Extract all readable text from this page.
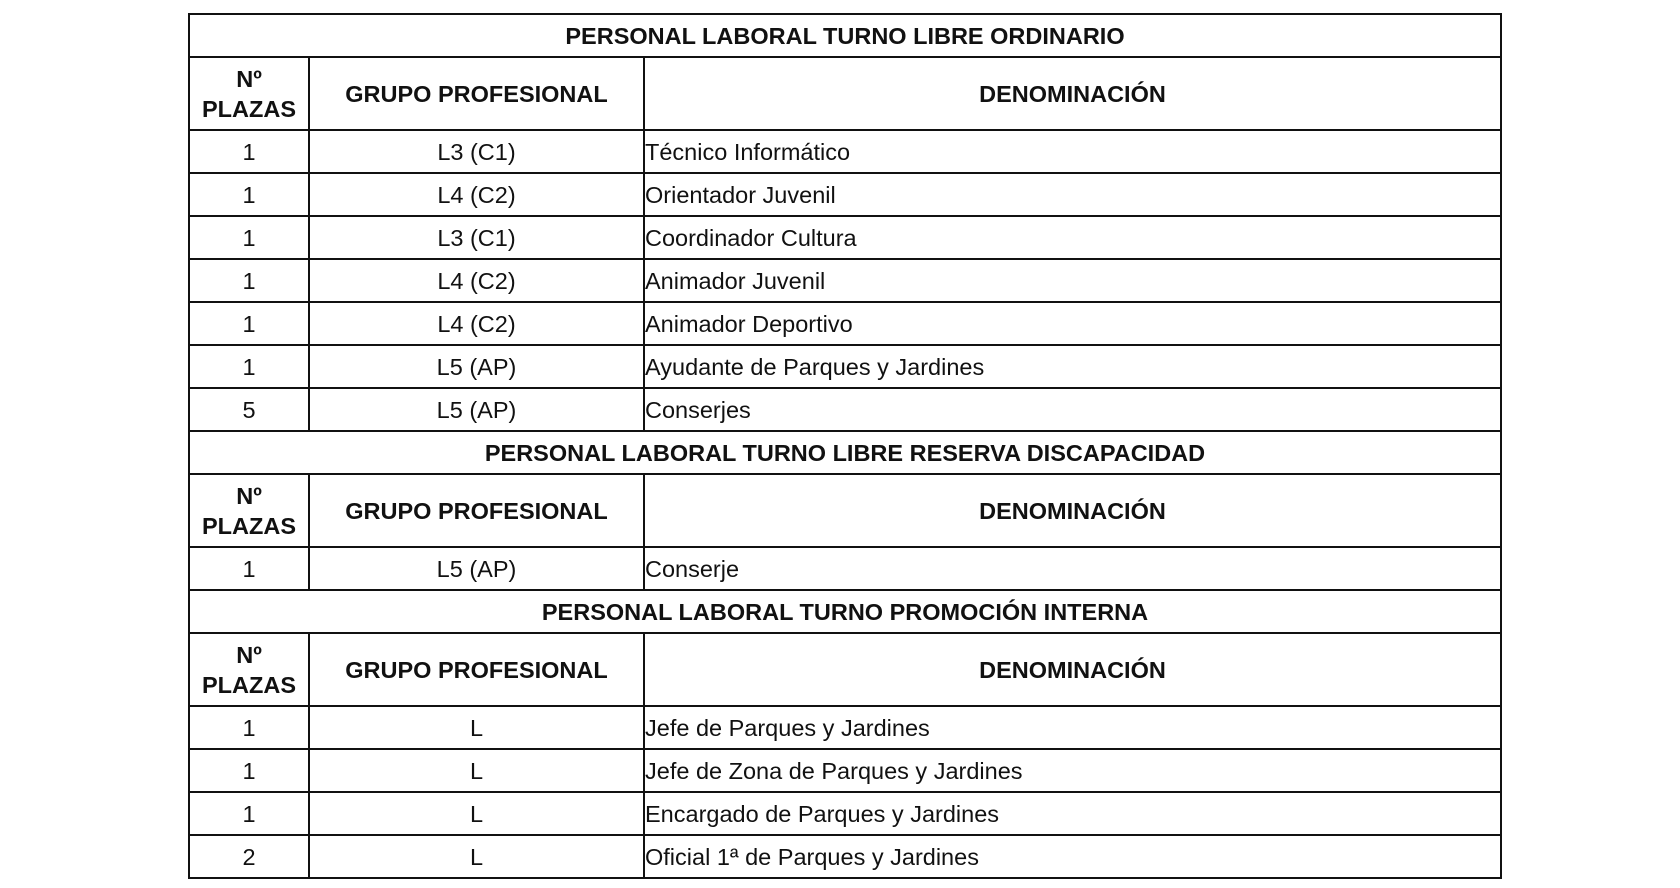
PERSONAL LABORAL TURNO LIBRE ORDINARIO		
Nº
PLAZAS	GRUPO PROFESIONAL	DENOMINACIÓN
1	L3 (C1)	Técnico Informático
1	L4 (C2)	Orientador Juvenil
1	L3 (C1)	Coordinador Cultura
1	L4 (C2)	Animador Juvenil
1	L4 (C2)	Animador Deportivo
1	L5 (AP)	Ayudante de Parques y Jardines
5	L5 (AP)	Conserjes
PERSONAL LABORAL TURNO LIBRE RESERVA DISCAPACIDAD		
Nº
PLAZAS	GRUPO PROFESIONAL	DENOMINACIÓN
1	L5 (AP)	Conserje
PERSONAL LABORAL TURNO PROMOCIÓN INTERNA		
Nº
PLAZAS	GRUPO PROFESIONAL	DENOMINACIÓN
1	L	Jefe de Parques y Jardines
1	L	Jefe de Zona de Parques y Jardines
1	L	Encargado de Parques y Jardines
2	L	Oficial 1ª de Parques y Jardines
